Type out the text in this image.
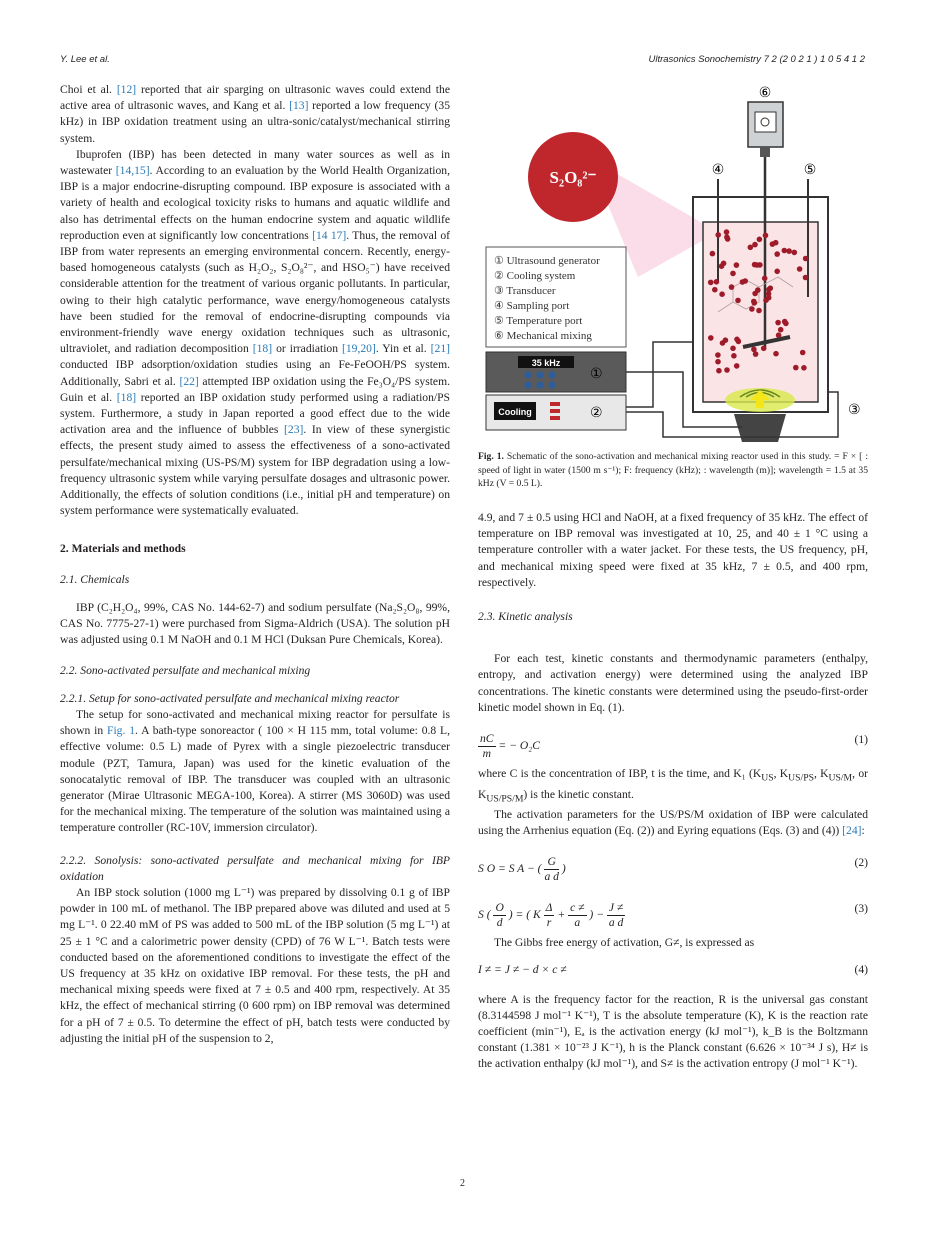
Y. Lee et al.	Ultrasonics Sonochemistry 7 2 (2 0 2 1 ) 1 0 5 4 1 2

Choi et al. [12] reported that air sparging on ultrasonic waves could extend the active area of ultrasonic waves, and Kang et al. [13] reported a low frequency (35 kHz) in IBP oxidation treatment using an ultra-sonic/catalyst/mechanical stirring system.

Ibuprofen (IBP) has been detected in many water sources as well as in wastewater [14,15]. According to an evaluation by the World Health Organization, IBP is a major endocrine-disrupting compound. IBP exposure is associated with a variety of health and ecological toxicity risks to humans and aquatic wildlife and also has detrimental effects on the human endocrine system and aquatic wildlife reproduction even at significantly low concentrations [14 17]. Thus, the removal of IBP from water represents an emerging environmental concern. Recently, energy-based homogeneous catalysts (such as H₂O₂, S₂O₈²⁻, and HSO₅⁻) have received considerable attention for the treatment of various organic pollutants. In particular, owing to their high catalytic performance, wave energy/homogeneous catalysts have been studied for the removal of endocrine-disrupting compounds via environment-friendly wave energy oxidation techniques such as ultrasonic, ultraviolet, and radiation decomposition [18] or irradiation [19,20]. Yin et al. [21] conducted IBP adsorption/oxidation studies using an Fe-FeOOH/PS system. Additionally, Sabri et al. [22] attempted IBP oxidation using the Fe₃O₄/PS system. Guin et al. [18] reported an IBP oxidation study performed using a radiation/PS system. Furthermore, a study in Japan reported a good effect due to the wide activation area and the influence of bubbles [23]. In view of these synergistic effects, the present study aimed to assess the effectiveness of a sono-activated persulfate/mechanical mixing (US-PS/M) system for IBP degradation using a low-frequency ultrasonic system while varying persulfate dosages and ultrasonic power. Additionally, the effects of solution conditions (i.e., initial pH and temperature) on system performance were systematically evaluated.

2. Materials and methods

2.1. Chemicals

IBP (C₂H₂O₄, 99%, CAS No. 144-62-7) and sodium persulfate (Na₂S₂O₈, 99%, CAS No. 7775-27-1) were purchased from Sigma-Aldrich (USA). The solution pH was adjusted using 0.1 M NaOH and 0.1 M HCl (Duksan Pure Chemicals, Korea).

2.2. Sono-activated persulfate and mechanical mixing

2.2.1. Setup for sono-activated persulfate and mechanical mixing reactor

The setup for sono-activated and mechanical mixing reactor for persulfate is shown in Fig. 1. A bath-type sonoreactor ( 100 × H 115 mm, total volume: 0.8 L, effective volume: 0.5 L) made of Pyrex with a single piezoelectric transducer module (PZT, Tamura, Japan) was used for the kinetic evaluation of the sonocatalytic removal of IBP. The transducer was coupled with an ultrasonic generator (Mirae Ultrasonic MEGA-100, Korea). A stirrer (MS 3060D) was used for the mechanical mixing. The temperature of the solution was maintained using a temperature controller (RC-10V, immersion circulator).

2.2.2. Sonolysis: sono-activated persulfate and mechanical mixing for IBP oxidation

An IBP stock solution (1000 mg L⁻¹) was prepared by dissolving 0.1 g of IBP powder in 100 mL of methanol. The IBP prepared above was diluted and used at 5 mg L⁻¹. 0 22.40 mM of PS was added to 500 mL of the IBP solution (5 mg L⁻¹) at 25 ± 1 °C and a calorimetric power density (CPD) of 76 W L⁻¹. Batch tests were conducted based on the aforementioned conditions to investigate the effect of the US frequency at 35 kHz on oxidative IBP removal. For these tests, the pH and mechanical mixing speeds were fixed at 7 ± 0.5 and 400 rpm, respectively. At 35 kHz, the effect of mechanical stirring (0 600 rpm) on IBP removal was determined for a pH of 7 ± 0.5. To determine the effect of pH, batch tests were conducted by adjusting the initial pH of the suspension to 2,

S₂O₈²⁻
① Ultrasound generator
② Cooling system
③ Transducer
④ Sampling port
⑤ Temperature port
⑥ Mechanical mixing
④	⑤
⑥
③
35 kHz
①
Cooling	②
Fig. 1. Schematic of the sono-activation and mechanical mixing reactor used in this study. = F × [ : speed of light in water (1500 m s⁻¹); F: frequency (kHz); : wavelength (m)]; wavelength = 1.5 at 35 kHz (V = 0.5 L).

4.9, and 7 ± 0.5 using HCl and NaOH, at a fixed frequency of 35 kHz. The effect of temperature on IBP removal was investigated at 10, 25, and 40 ± 1 °C using a temperature controller with a water jacket. For these tests, the US frequency, pH, and mechanical mixing speed were fixed at 35 kHz, 7 ± 0.5, and 400 rpm, respectively.

2.3. Kinetic analysis

For each test, kinetic constants and thermodynamic parameters (enthalpy, entropy, and activation energy) were determined using the analyzed IBP concentrations. The kinetic constants were determined using the pseudo-first-order kinetic model shown in Eq. (1).

$\frac{nC}{m}$ = − O₂C	(1)

where C is the concentration of IBP, t is the time, and K₁ ($K_{US}$, $K_{US/PS}$, $K_{US/M}$, or $K_{US/PS/M}$) is the kinetic constant.

The activation parameters for the US/PS/M oxidation of IBP were calculated using the Arrhenius equation (Eq. (2)) and Eyring equations (Eqs. (3) and (4)) [24]:

S O = S A − ( $\frac{G}{\text{a d}}$ )	(2)
S ( $\frac{O}{d}$ ) = ( K $\frac{\Delta}{r} + \frac{c \ne}{a}$ ) − $\frac{J \ne}{\text{a d}}$	(3)

The Gibbs free energy of activation, G≠, is expressed as

I ≠ = J ≠ − d × c ≠	(4)

where A is the frequency factor for the reaction, R is the universal gas constant (8.3144598 J mol⁻¹ K⁻¹), T is the absolute temperature (K), K is the reaction rate coefficient (min⁻¹), Eₐ is the activation energy (kJ mol⁻¹), k_B is the Boltzmann constant (1.381 × 10⁻²³ J K⁻¹), h is the Planck constant (6.626 × 10⁻³⁴ J s), H≠ is the activation enthalpy (kJ mol⁻¹), and S≠ is the activation entropy (J mol⁻¹ K⁻¹).

2
